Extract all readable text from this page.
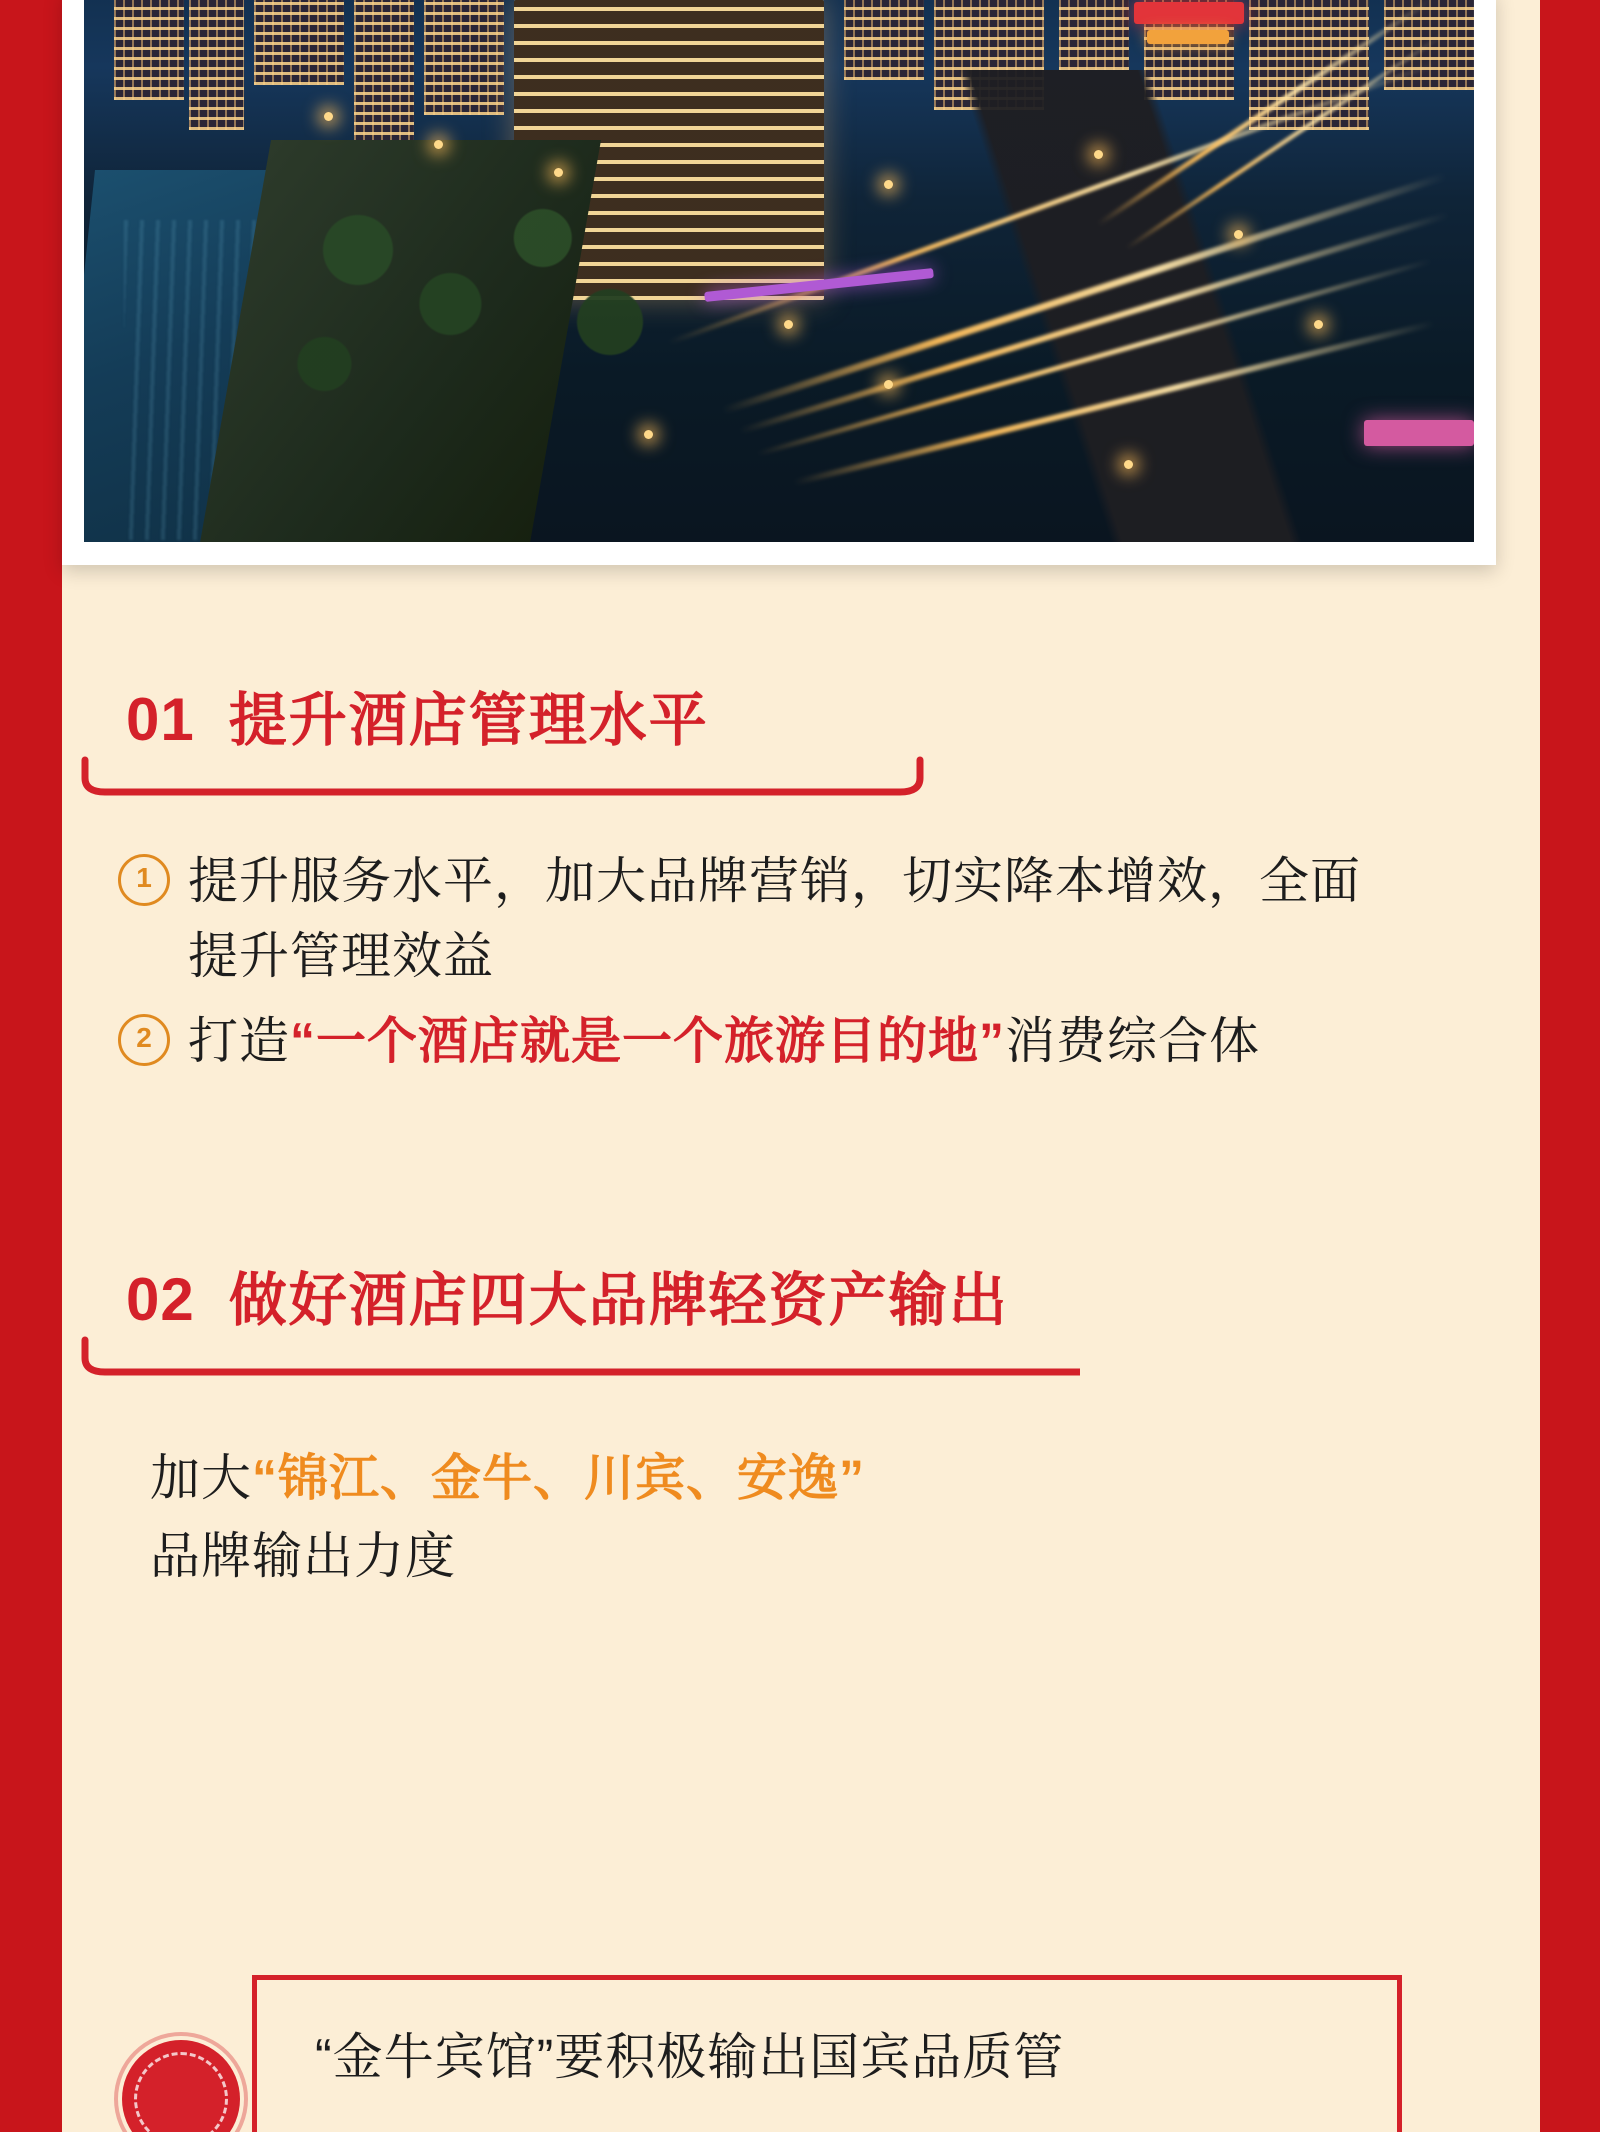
01 提升酒店管理水平
1 提升服务水平，加大品牌营销，切实降本增效，全面提升管理效益
2 打造“一个酒店就是一个旅游目的地”消费综合体
02 做好酒店四大品牌轻资产输出
加大“锦江、金牛、川宾、安逸”
品牌输出力度
“金牛宾馆”要积极输出国宾品质管
